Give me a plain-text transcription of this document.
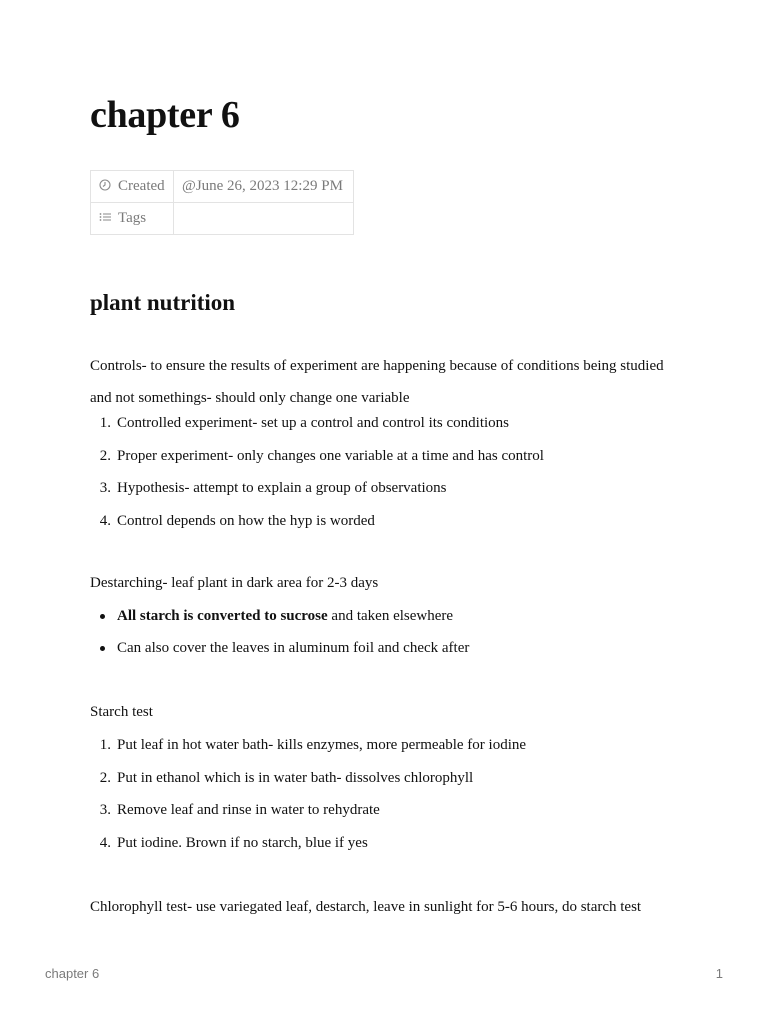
chapter 6
Created	@June 26, 2023 12:29 PM
Tags	
plant nutrition

Controls- to ensure the results of experiment are happening because of conditions being studied and not somethings- should only change one variable

1. Controlled experiment- set up a control and control its conditions
2. Proper experiment- only changes one variable at a time and has control
3. Hypothesis- attempt to explain a group of observations
4. Control depends on how the hyp is worded

Destarching- leaf plant in dark area for 2-3 days

All starch is converted to sucrose and taken elsewhere
Can also cover the leaves in aluminum foil and check after

Starch test

1. Put leaf in hot water bath- kills enzymes, more permeable for iodine
2. Put in ethanol which is in water bath- dissolves chlorophyll
3. Remove leaf and rinse in water to rehydrate
4. Put iodine. Brown if no starch, blue if yes

Chlorophyll test- use variegated leaf, destarch, leave in sunlight for 5-6 hours, do starch test

chapter 6	1
